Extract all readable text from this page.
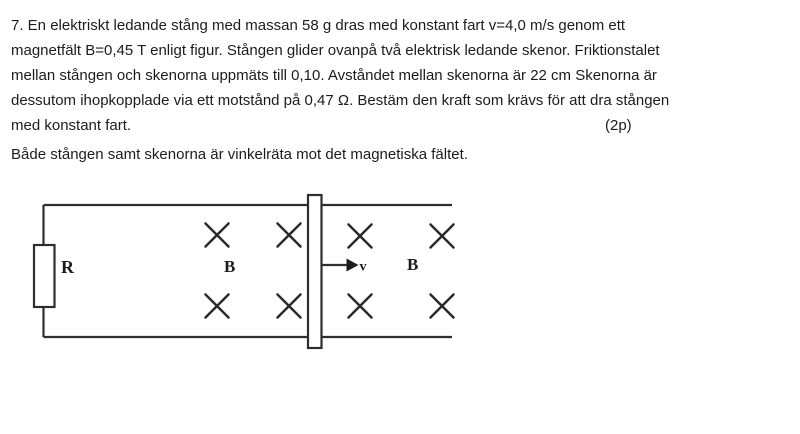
7. En elektriskt ledande stång med massan 58 g dras med konstant fart v=4,0 m/s genom ett
magnetfält B=0,45 T enligt figur. Stången glider ovanpå två elektrisk ledande skenor. Friktionstalet
mellan stången och skenorna uppmäts till 0,10. Avståndet mellan skenorna är 22 cm Skenorna är
dessutom ihopkopplade via ett motstånd på 0,47 Ω. Bestäm den kraft som krävs för att dra stången
med konstant fart.	(2p)
Både stången samt skenorna är vinkelräta mot det magnetiska fältet.
R	B	B
v
